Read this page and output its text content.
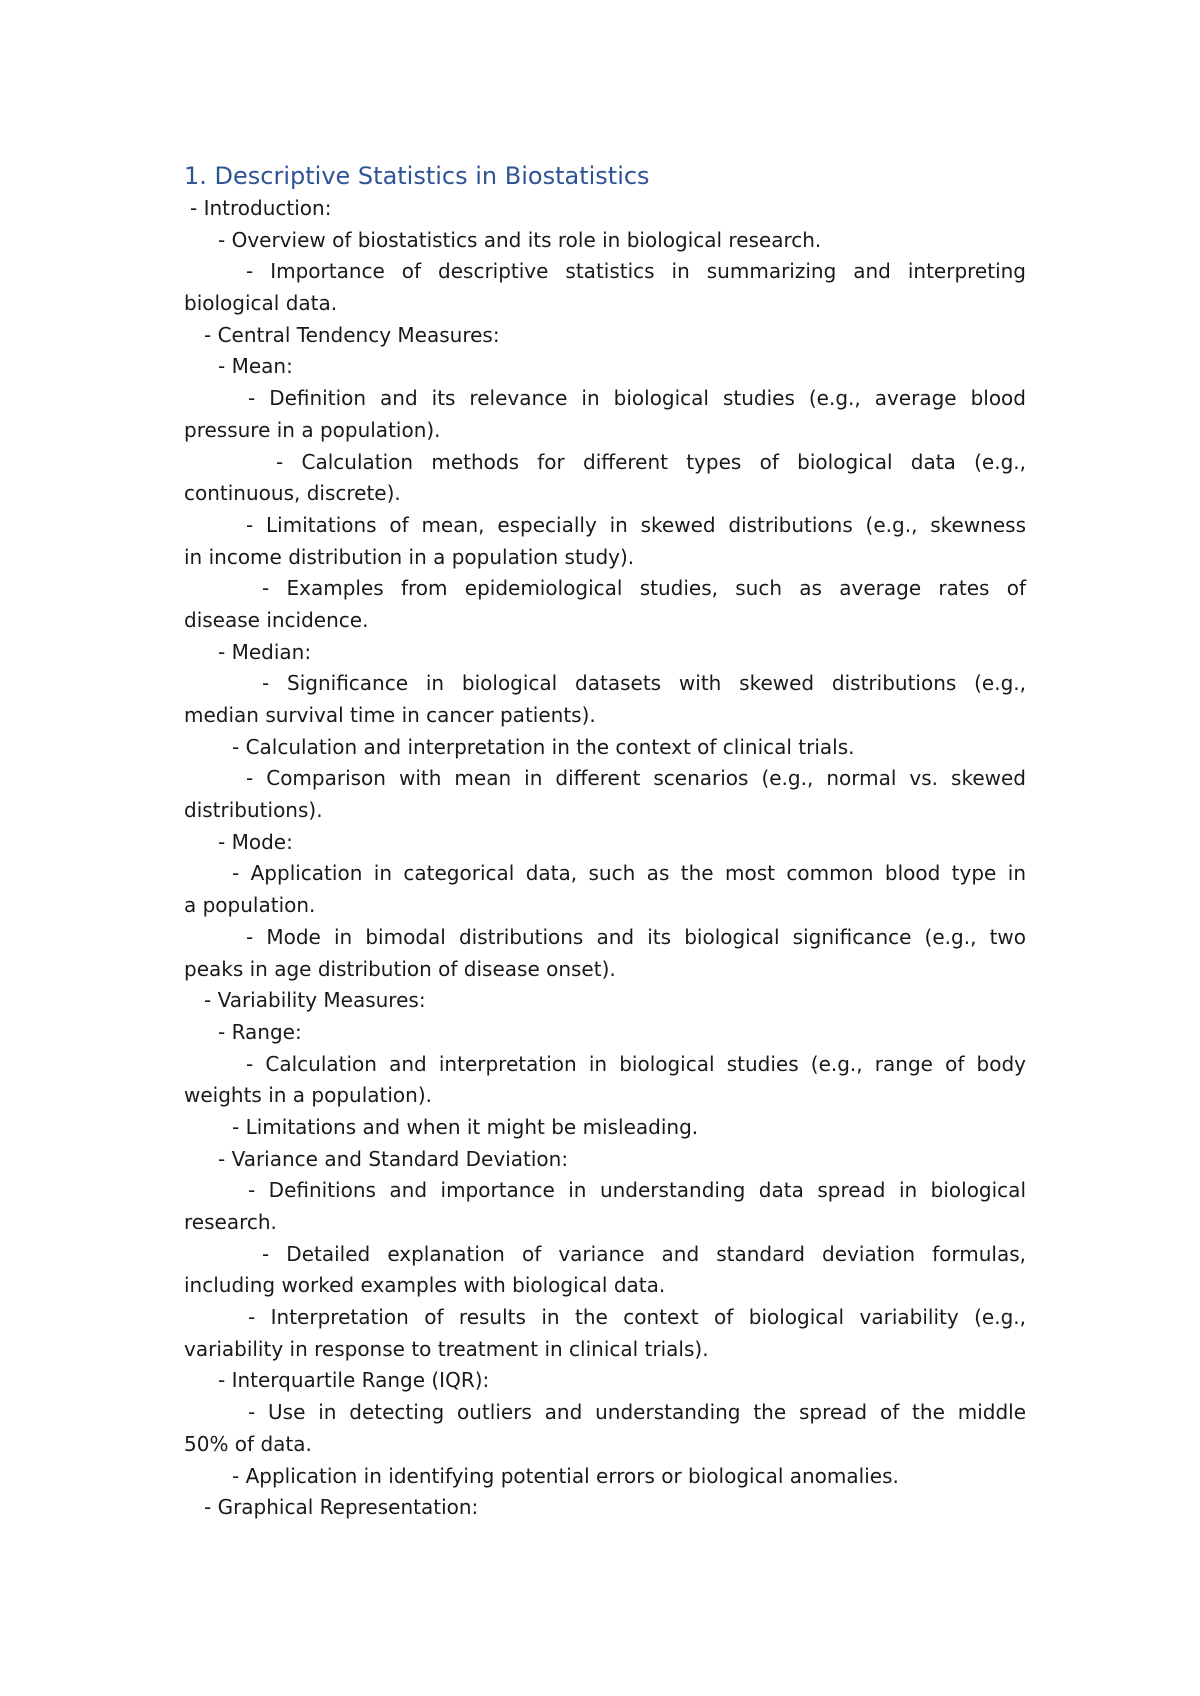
1. Descriptive Statistics in Biostatistics
- Introduction:
- Overview of biostatistics and its role in biological research.
- Importance of descriptive statistics in summarizing and interpreting
biological data.
- Central Tendency Measures:
- Mean:
- Definition and its relevance in biological studies (e.g., average blood
pressure in a population).
- Calculation methods for different types of biological data (e.g.,
continuous, discrete).
- Limitations of mean, especially in skewed distributions (e.g., skewness
in income distribution in a population study).
- Examples from epidemiological studies, such as average rates of
disease incidence.
- Median:
- Significance in biological datasets with skewed distributions (e.g.,
median survival time in cancer patients).
- Calculation and interpretation in the context of clinical trials.
- Comparison with mean in different scenarios (e.g., normal vs. skewed
distributions).
- Mode:
- Application in categorical data, such as the most common blood type in
a population.
- Mode in bimodal distributions and its biological significance (e.g., two
peaks in age distribution of disease onset).
- Variability Measures:
- Range:
- Calculation and interpretation in biological studies (e.g., range of body
weights in a population).
- Limitations and when it might be misleading.
- Variance and Standard Deviation:
- Definitions and importance in understanding data spread in biological
research.
- Detailed explanation of variance and standard deviation formulas,
including worked examples with biological data.
- Interpretation of results in the context of biological variability (e.g.,
variability in response to treatment in clinical trials).
- Interquartile Range (IQR):
- Use in detecting outliers and understanding the spread of the middle
50% of data.
- Application in identifying potential errors or biological anomalies.
- Graphical Representation:
